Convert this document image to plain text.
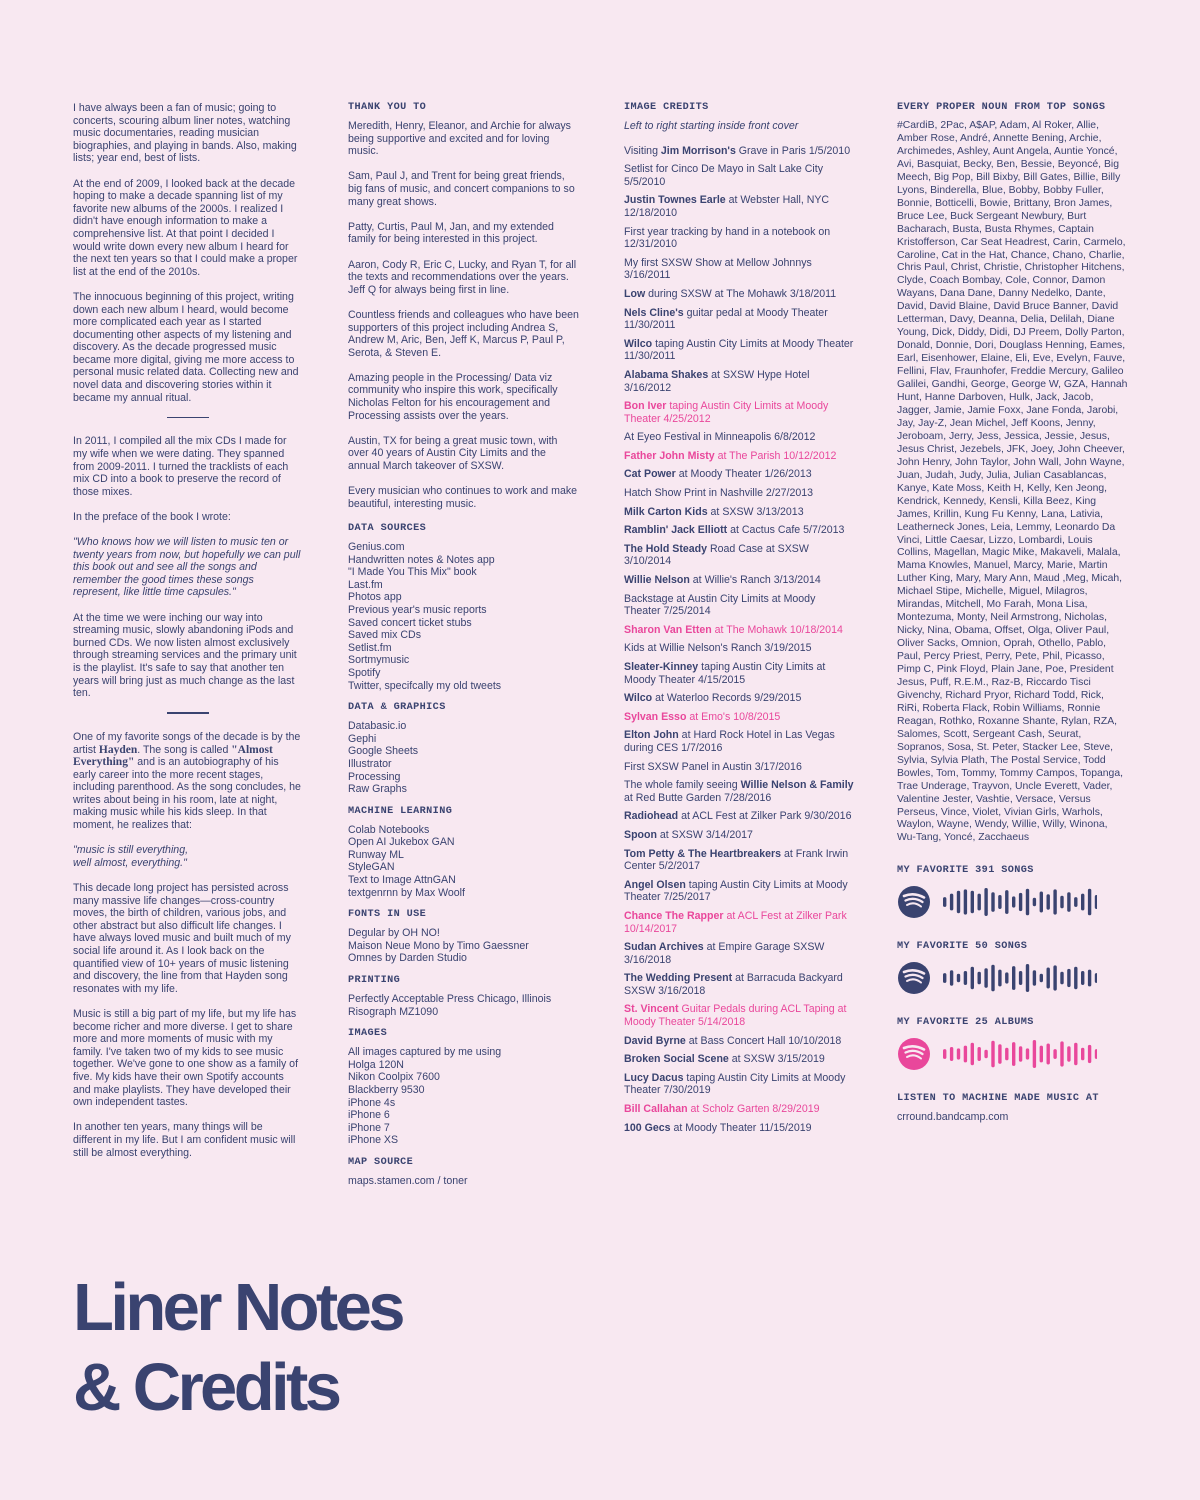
I have always been a fan of music; going to concerts, scouring album liner notes, watching music documentaries, reading musician biographies, and playing in bands. Also, making lists; year end, best of lists.

At the end of 2009, I looked back at the decade hoping to make a decade spanning list of my favorite new albums of the 2000s. I realized I didn't have enough information to make a comprehensive list. At that point I decided I would write down every new album I heard for the next ten years so that I could make a proper list at the end of the 2010s.

The innocuous beginning of this project, writing down each new album I heard, would become more complicated each year as I started documenting other aspects of my listening and discovery. As the decade progressed music became more digital, giving me more access to personal music related data. Collecting new and novel data and discovering stories within it became my annual ritual.

In 2011, I compiled all the mix CDs I made for my wife when we were dating. They spanned from 2009-2011. I turned the tracklists of each mix CD into a book to preserve the record of those mixes.

In the preface of the book I wrote:

"Who knows how we will listen to music ten or twenty years from now, but hopefully we can pull this book out and see all the songs and remember the good times these songs represent, like little time capsules."

At the time we were inching our way into streaming music, slowly abandoning iPods and burned CDs. We now listen almost exclusively through streaming services and the primary unit is the playlist. It's safe to say that another ten years will bring just as much change as the last ten.

One of my favorite songs of the decade is by the artist Hayden. The song is called "Almost Everything" and is an autobiography of his early career into the more recent stages, including parenthood. As the song concludes, he writes about being in his room, late at night, making music while his kids sleep. In that moment, he realizes that:

"music is still everything,
well almost, everything."

This decade long project has persisted across many massive life changes—cross-country moves, the birth of children, various jobs, and other abstract but also difficult life changes. I have always loved music and built much of my social life around it. As I look back on the quantified view of 10+ years of music listening and discovery, the line from that Hayden song resonates with my life.

Music is still a big part of my life, but my life has become richer and more diverse. I get to share more and more moments of music with my family. I've taken two of my kids to see music together. We've gone to one show as a family of five. My kids have their own Spotify accounts and make playlists. They have developed their own independent tastes.

In another ten years, many things will be different in my life. But I am confident music will still be almost everything.

THANK YOU TO

Meredith, Henry, Eleanor, and Archie for always being supportive and excited and for loving music.

Sam, Paul J, and Trent for being great friends, big fans of music, and concert companions to so many great shows.

Patty, Curtis, Paul M, Jan, and my extended family for being interested in this project.

Aaron, Cody R, Eric C, Lucky, and Ryan T, for all the texts and recommendations over the years. Jeff Q for always being first in line.

Countless friends and colleagues who have been supporters of this project including Andrea S, Andrew M, Aric, Ben, Jeff K, Marcus P, Paul P, Serota, & Steven E.

Amazing people in the Processing/ Data viz community who inspire this work, specifically Nicholas Felton for his encouragement and Processing assists over the years.

Austin, TX for being a great music town, with over 40 years of Austin City Limits and the annual March takeover of SXSW.

Every musician who continues to work and make beautiful, interesting music.

DATA SOURCES
Genius.com
Handwritten notes & Notes app
"I Made You This Mix" book
Last.fm
Photos app
Previous year's music reports
Saved concert ticket stubs
Saved mix CDs
Setlist.fm
Sortmymusic
Spotify
Twitter, specifcally my old tweets
DATA & GRAPHICS
Databasic.io
Gephi
Google Sheets
Illustrator
Processing
Raw Graphs
MACHINE LEARNING
Colab Notebooks
Open AI Jukebox GAN
Runway ML
StyleGAN
Text to Image AttnGAN
textgenrnn by Max Woolf
FONTS IN USE
Degular by OH NO!
Maison Neue Mono by Timo Gaessner
Omnes by Darden Studio
PRINTING
Perfectly Acceptable Press Chicago, Illinois
Risograph MZ1090
IMAGES
All images captured by me using
Holga 120N
Nikon Coolpix 7600
Blackberry 9530
iPhone 4s
iPhone 6
iPhone 7
iPhone XS
MAP SOURCE
maps.stamen.com / toner
IMAGE CREDITS
Left to right starting inside front cover
Visiting Jim Morrison's Grave in Paris 1/5/2010
Setlist for Cinco De Mayo in Salt Lake City 5/5/2010
Justin Townes Earle at Webster Hall, NYC 12/18/2010
First year tracking by hand in a notebook on 12/31/2010
My first SXSW Show at Mellow Johnnys 3/16/2011
Low during SXSW at The Mohawk 3/18/2011
Nels Cline's guitar pedal at Moody Theater 11/30/2011
Wilco taping Austin City Limits at Moody Theater 11/30/2011
Alabama Shakes at SXSW Hype Hotel 3/16/2012
Bon Iver taping Austin City Limits at Moody Theater 4/25/2012
At Eyeo Festival in Minneapolis 6/8/2012
Father John Misty at The Parish 10/12/2012
Cat Power at Moody Theater 1/26/2013
Hatch Show Print in Nashville 2/27/2013
Milk Carton Kids at SXSW 3/13/2013
Ramblin' Jack Elliott at Cactus Cafe 5/7/2013
The Hold Steady Road Case at SXSW 3/10/2014
Willie Nelson at Willie's Ranch 3/13/2014
Backstage at Austin City Limits at Moody Theater 7/25/2014
Sharon Van Etten at The Mohawk 10/18/2014
Kids at Willie Nelson's Ranch 3/19/2015
Sleater-Kinney taping Austin City Limits at Moody Theater 4/15/2015
Wilco at Waterloo Records 9/29/2015
Sylvan Esso at Emo's 10/8/2015
Elton John at Hard Rock Hotel in Las Vegas during CES 1/7/2016
First SXSW Panel in Austin 3/17/2016
The whole family seeing Willie Nelson & Family at Red Butte Garden 7/28/2016
Radiohead at ACL Fest at Zilker Park 9/30/2016
Spoon at SXSW 3/14/2017
Tom Petty & The Heartbreakers at Frank Irwin Center 5/2/2017
Angel Olsen taping Austin City Limits at Moody Theater 7/25/2017
Chance The Rapper at ACL Fest at Zilker Park 10/14/2017
Sudan Archives at Empire Garage SXSW 3/16/2018
The Wedding Present at Barracuda Backyard SXSW 3/16/2018
St. Vincent Guitar Pedals during ACL Taping at Moody Theater 5/14/2018
David Byrne at Bass Concert Hall 10/10/2018
Broken Social Scene at SXSW 3/15/2019
Lucy Dacus taping Austin City Limits at Moody Theater 7/30/2019
Bill Callahan at Scholz Garten 8/29/2019
100 Gecs at Moody Theater 11/15/2019
EVERY PROPER NOUN FROM TOP SONGS
#CardiB, 2Pac, A$AP, Adam, Al Roker, Allie, Amber Rose, André, Annette Bening, Archie, Archimedes, Ashley, Aunt Angela, Auntie Yoncé, Avi, Basquiat, Becky, Ben, Bessie, Beyoncé, Big Meech, Big Pop, Bill Bixby, Bill Gates, Billie, Billy Lyons, Binderella, Blue, Bobby, Bobby Fuller, Bonnie, Botticelli, Bowie, Brittany, Bron James, Bruce Lee, Buck Sergeant Newbury, Burt Bacharach, Busta, Busta Rhymes, Captain Kristofferson, Car Seat Headrest, Carin, Carmelo, Caroline, Cat in the Hat, Chance, Chano, Charlie, Chris Paul, Christ, Christie, Christopher Hitchens, Clyde, Coach Bombay, Cole, Connor, Damon Wayans, Dana Dane, Danny Nedelko, Dante, David, David Blaine, David Bruce Banner, David Letterman, Davy, Deanna, Delia, Delilah, Diane Young, Dick, Diddy, Didi, DJ Preem, Dolly Parton, Donald, Donnie, Dori, Douglass Henning, Eames, Earl, Eisenhower, Elaine, Eli, Eve, Evelyn, Fauve, Fellini, Flav, Fraunhofer, Freddie Mercury, Galileo Galilei, Gandhi, George, George W, GZA, Hannah Hunt, Hanne Darboven, Hulk, Jack, Jacob, Jagger, Jamie, Jamie Foxx, Jane Fonda, Jarobi, Jay, Jay-Z, Jean Michel, Jeff Koons, Jenny, Jeroboam, Jerry, Jess, Jessica, Jessie, Jesus, Jesus Christ, Jezebels, JFK, Joey, John Cheever, John Henry, John Taylor, John Wall, John Wayne, Juan, Judah, Judy, Julia, Julian Casablancas, Kanye, Kate Moss, Keith H, Kelly, Ken Jeong, Kendrick, Kennedy, Kensli, Killa Beez, King James, Krillin, Kung Fu Kenny, Lana, Lativia, Leatherneck Jones, Leia, Lemmy, Leonardo Da Vinci, Little Caesar, Lizzo, Lombardi, Louis Collins, Magellan, Magic Mike, Makaveli, Malala, Mama Knowles, Manuel, Marcy, Marie, Martin Luther King, Mary, Mary Ann, Maud ,Meg, Micah, Michael Stipe, Michelle, Miguel, Milagros, Mirandas, Mitchell, Mo Farah, Mona Lisa, Montezuma, Monty, Neil Armstrong, Nicholas, Nicky, Nina, Obama, Offset, Olga, Oliver Paul, Oliver Sacks, Omnion, Oprah, Othello, Pablo, Paul, Percy Priest, Perry, Pete, Phil, Picasso, Pimp C, Pink Floyd, Plain Jane, Poe, President Jesus, Puff, R.E.M., Raz-B, Riccardo Tisci Givenchy, Richard Pryor, Richard Todd, Rick, RiRi, Roberta Flack, Robin Williams, Ronnie Reagan, Rothko, Roxanne Shante, Rylan, RZA, Salomes, Scott, Sergeant Cash, Seurat, Sopranos, Sosa, St. Peter, Stacker Lee, Steve, Sylvia, Sylvia Plath, The Postal Service, Todd Bowles, Tom, Tommy, Tommy Campos, Topanga, Trae Underage, Trayvon, Uncle Everett, Vader, Valentine Jester, Vashtie, Versace, Versus Perseus, Vince, Violet, Vivian Girls, Warhols, Waylon, Wayne, Wendy, Willie, Willy, Winona, Wu-Tang, Yoncé, Zacchaeus
MY FAVORITE 391 SONGS
MY FAVORITE 50 SONGS
MY FAVORITE 25 ALBUMS
LISTEN TO MACHINE MADE MUSIC AT
crround.bandcamp.com
Liner Notes
& Credits
